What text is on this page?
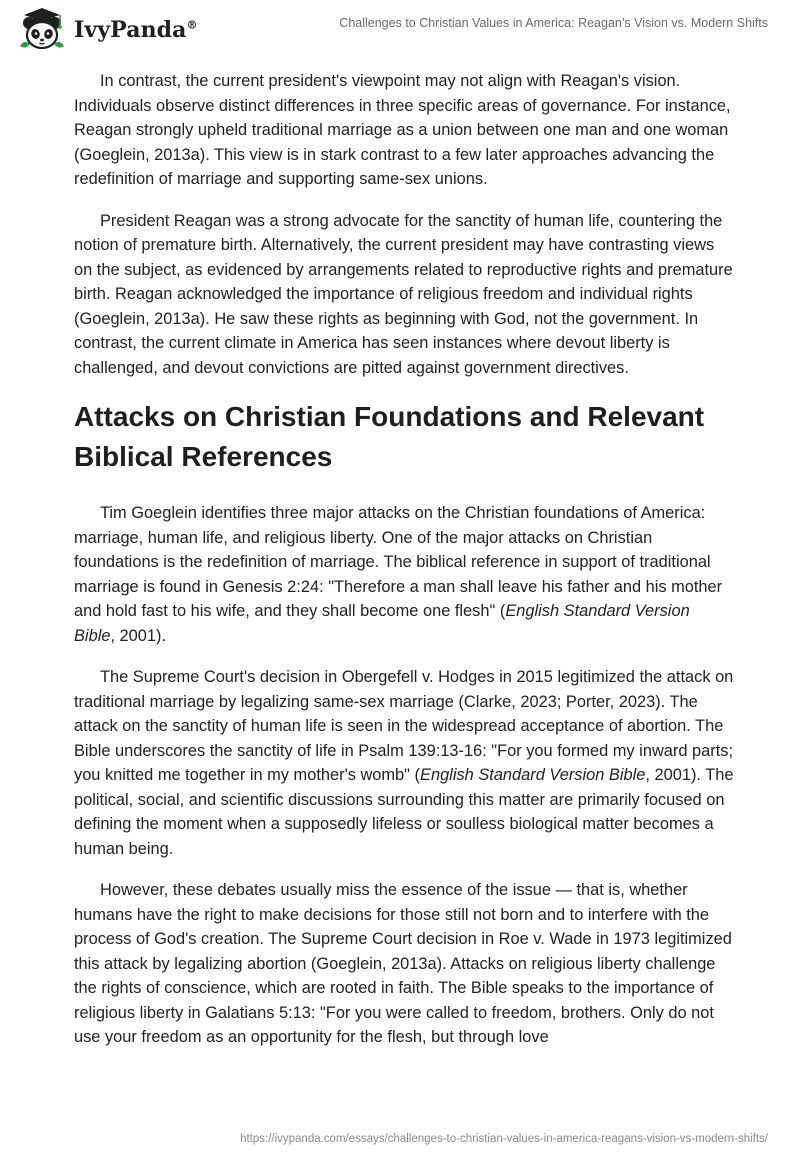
IvyPanda®	Challenges to Christian Values in America: Reagan’s Vision vs. Modern Shifts

In contrast, the current president's viewpoint may not align with Reagan's vision. Individuals observe distinct differences in three specific areas of governance. For instance, Reagan strongly upheld traditional marriage as a union between one man and one woman (Goeglein, 2013a). This view is in stark contrast to a few later approaches advancing the redefinition of marriage and supporting same-sex unions.

President Reagan was a strong advocate for the sanctity of human life, countering the notion of premature birth. Alternatively, the current president may have contrasting views on the subject, as evidenced by arrangements related to reproductive rights and premature birth. Reagan acknowledged the importance of religious freedom and individual rights (Goeglein, 2013a). He saw these rights as beginning with God, not the government. In contrast, the current climate in America has seen instances where devout liberty is challenged, and devout convictions are pitted against government directives.

Attacks on Christian Foundations and Relevant Biblical References

Tim Goeglein identifies three major attacks on the Christian foundations of America: marriage, human life, and religious liberty. One of the major attacks on Christian foundations is the redefinition of marriage. The biblical reference in support of traditional marriage is found in Genesis 2:24: "Therefore a man shall leave his father and his mother and hold fast to his wife, and they shall become one flesh" (English Standard Version Bible, 2001).

The Supreme Court's decision in Obergefell v. Hodges in 2015 legitimized the attack on traditional marriage by legalizing same-sex marriage (Clarke, 2023; Porter, 2023). The attack on the sanctity of human life is seen in the widespread acceptance of abortion. The Bible underscores the sanctity of life in Psalm 139:13-16: "For you formed my inward parts; you knitted me together in my mother's womb" (English Standard Version Bible, 2001). The political, social, and scientific discussions surrounding this matter are primarily focused on defining the moment when a supposedly lifeless or soulless biological matter becomes a human being.

However, these debates usually miss the essence of the issue — that is, whether humans have the right to make decisions for those still not born and to interfere with the process of God's creation. The Supreme Court decision in Roe v. Wade in 1973 legitimized this attack by legalizing abortion (Goeglein, 2013a). Attacks on religious liberty challenge the rights of conscience, which are rooted in faith. The Bible speaks to the importance of religious liberty in Galatians 5:13: "For you were called to freedom, brothers. Only do not use your freedom as an opportunity for the flesh, but through love

https://ivypanda.com/essays/challenges-to-christian-values-in-america-reagans-vision-vs-modern-shifts/
